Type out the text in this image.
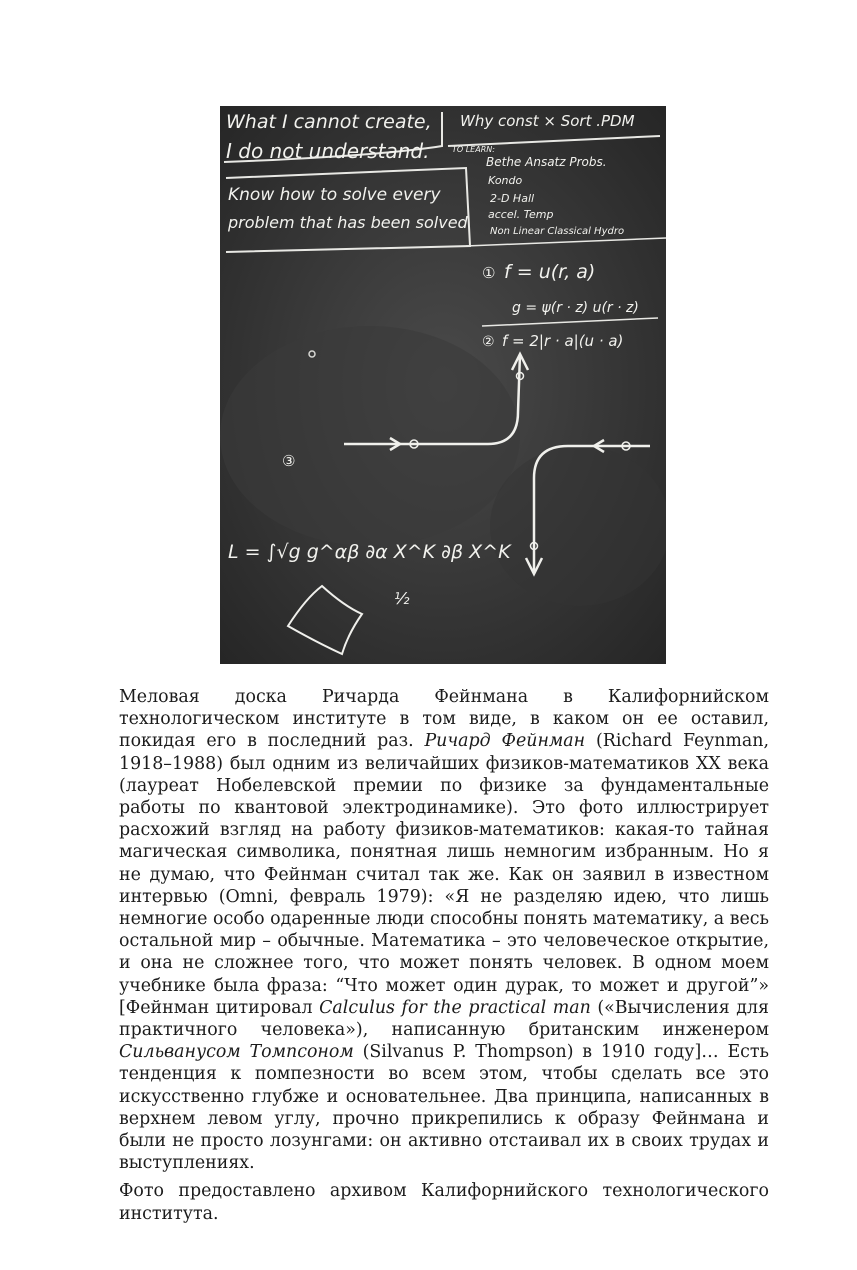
What I cannot create,
I do not understand.
Know how to solve every
problem that has been solved
Why const × Sort .PDM
TO LEARN:
Bethe Ansatz Probs.
Kondo
2-D Hall
accel. Temp
Non Linear Classical Hydro
① f = u(r, a)
g = ψ(r · z) u(r · z)
② f = 2|r · a|(u · a)
③
L = ∫√g g^αβ ∂α X^K ∂β X^K
½

Меловая доска Ричарда Фейнмана в Калифорнийском технологическом институте в том виде, в каком он ее оставил, покидая его в последний раз. Ричард Фейнман (Richard Feynman, 1918–1988) был одним из величайших физиков-математиков XX века (лауреат Нобелевской премии по физике за фундаментальные работы по квантовой электродинамике). Это фото иллюстрирует расхожий взгляд на работу физиков-математиков: какая-то тайная магическая символика, понятная лишь немногим избранным. Но я не думаю, что Фейнман считал так же. Как он заявил в известном интервью (Omni, февраль 1979): «Я не разделяю идею, что лишь немногие особо одаренные люди способны понять математику, а весь остальной мир – обычные. Математика – это человеческое открытие, и она не сложнее того, что может понять человек. В одном моем учебнике была фраза: “Что может один дурак, то может и другой”» [Фейнман цитировал Calculus for the practical man («Вычисления для практичного человека»), написанную британским инженером Сильванусом Томпсоном (Silvanus P. Thompson) в 1910 году]… Есть тенденция к помпезности во всем этом, чтобы сделать все это искусственно глубже и основательнее. Два принципа, написанных в верхнем левом углу, прочно прикрепились к образу Фейнмана и были не просто лозунгами: он активно отстаивал их в своих трудах и выступлениях.

Фото предоставлено архивом Калифорнийского технологического института.
